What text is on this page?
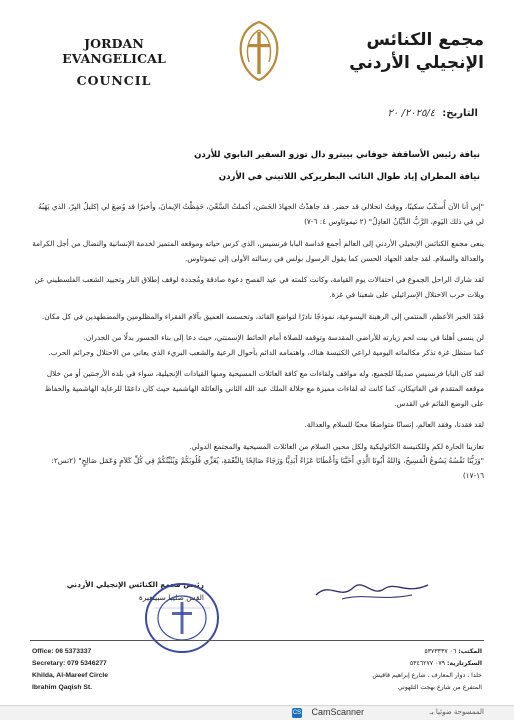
JORDAN EVANGELICAL
COUNCIL
مجمع الكنائس
الإنجيلي الأردني
التاريخ: ٢٠٢٥/٤/ ٢٠
نيافة رئيس الأساقفة جوفاني بييترو دال توزو السفير البابوي للأردن
نيافة المطران إياد طوال النائب البطريركي اللاتيني في الأردن

"إني أنا الآن أُسكَبُ سكيبًا، ووقتُ انحلالي قد حضر. قد جاهدْتُ الجهادَ الحَسَن، أكملتُ السَّعْيَ، حَفِظْتُ الإيمانَ، وأخيرًا قد وُضِعَ لي إكليلُ البِرّ، الذي يَهَبُهُ لي في ذلك اليَوم، الرَّبُّ الدَّيَّانُ العادِلُ" (٢ تيموثاوس ٤: ٦-٧)

ينعى مجمع الكنائس الإنجيلي الأردني إلى العالم أجمع قداسة البابا فرنسيس، الذي كرس حياته وموقعه المتميز لخدمة الإنسانية والنضال من أجل الكرامة والعدالة والسلام. لقد جاهد الجهاد الحسن كما يقول الرسول بولس في رسالته الأولى إلى تيموثاوس.

لقد شارك الراحل الجموع في احتفالات يوم القيامة، وكانت كلمته في عيد الفصح دعوة صادقة ومُجددة لوقف إطلاق النار وتحييد الشعب الفلسطيني عن ويلات حرب الاحتلال الإسرائيلي على شعبنا في غزة.

فَقَدَ الحبر الأعظم، المنتمي إلى الرهبنة اليسوعية، نموذجًا نادرًا لتواضع القائد، وتحسسه العميق بآلام الفقراء والمظلومين والمضطهدين في كل مكان.

لن ينسى أهلنا في بيت لحم زيارته للأراضي المقدسة وتوقفه للصلاة أمام الحائط الإسمنتي، حيث دعا إلى بناء الجسور بدلًا من الجدران.

كما ستظل غزة تذكر مكالماته اليومية لراعي الكنيسة هناك، واهتمامه الدائم بأحوال الرعية والشعب البريء الذي يعاني من الاحتلال وجرائم الحرب.

لقد كان البابا فرنسيس صديقًا للجميع، وله مواقف ولقاءات مع كافة العائلات المسيحية ومنها القيادات الإنجيلية، سواء في بلده الأرجنتين أو من خلال موقعه المتقدم في الفاتيكان، كما كانت له لقاءات مميزة مع جلالة الملك عبد الله الثاني والعائلة الهاشمية حيث كان داعمًا للرعاية الهاشمية والحفاظ على الوضع القائم في القدس.

لقد فقدنا، وفقد العالم، إنسانًا متواضعًا محبًا للسلام والعدالة.

تعازينا الحارة لكم وللكنيسة الكاثوليكية ولكل محبي السلام من العائلات المسيحية والمجتمع الدولي.

"وَرَبُّنَا نَفْسُهُ يَسُوعُ الْمَسِيحُ، وَاللهُ أَبُونَا الَّذِي أَحَبَّنَا وَأَعْطَانَا عَزَاءً أَبَدِيًّا وَرَجَاءً صَالِحًا بِالنِّعْمَةِ، يُعَزِّي قُلُوبَكُمْ وَيُثَبِّتُكُمْ فِي كُلِّ كَلاَمٍ وَعَمَل صَالِحٍ" (٢تس٢: ١٦-١٧)

رئيس مجمع الكنائس الإنجيلي الأردني
القس صليبا سبيتغيرة
Office: 06 5373337
Secretary: 079 5346277
Khilda, Al-Mareef Circle
Ibrahim Qaqish St.
المكتب: ٠٦ ٥٣٧٣٣٣٧
السكرتارية: ٠٧٩ ٥٣٤٦٢٧٧
خلدا ، دوار المعارف ، شارع إبراهيم قاقيش
المتفرع من شارع بهجت التلهوني
CS CamScanner	الممسوحة ضوئيا بـ
